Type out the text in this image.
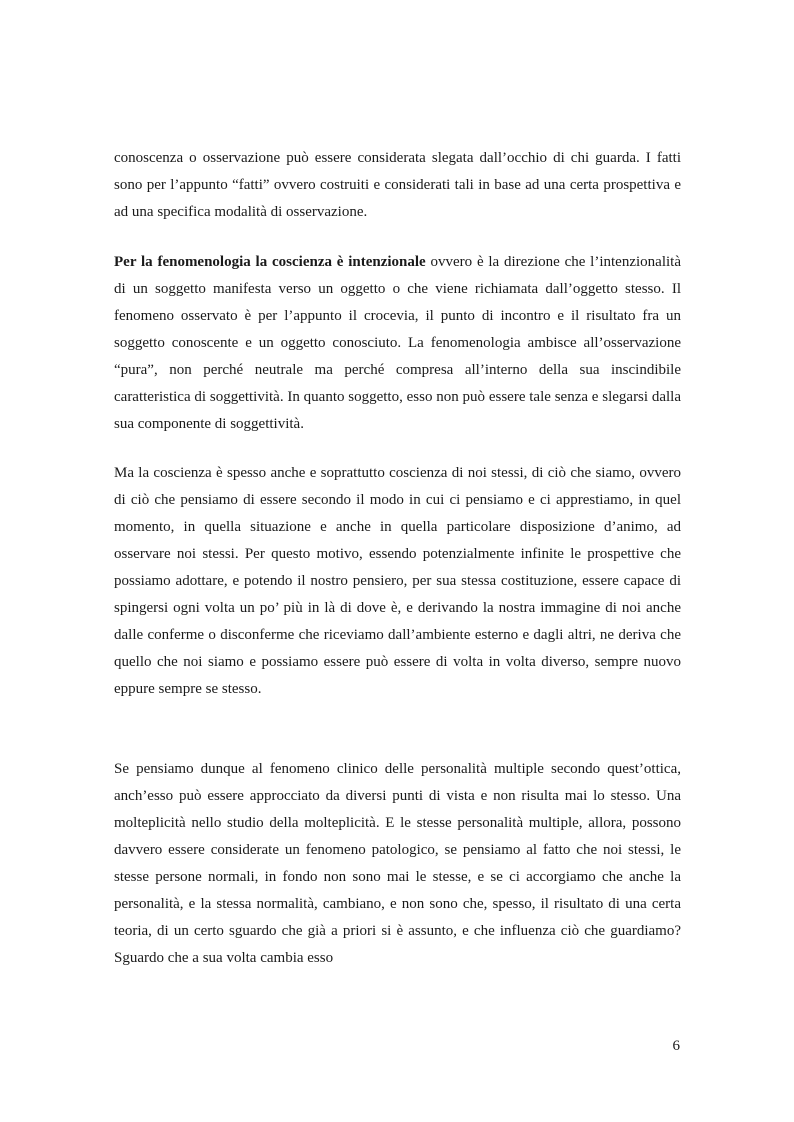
conoscenza o osservazione può essere considerata slegata dall’occhio di chi guarda. I fatti sono per l’appunto “fatti” ovvero costruiti e considerati tali in base ad una certa prospettiva e ad una specifica modalità di osservazione.

Per la fenomenologia la coscienza è intenzionale ovvero è la direzione che l’intenzionalità di un soggetto manifesta verso un oggetto o che viene richiamata dall’oggetto stesso. Il fenomeno osservato è per l’appunto il crocevia, il punto di incontro e il risultato fra un soggetto conoscente e un oggetto conosciuto. La fenomenologia ambisce all’osservazione “pura”, non perché neutrale ma perché compresa all’interno della sua inscindibile caratteristica di soggettività. In quanto soggetto, esso non può essere tale senza e slegarsi dalla sua componente di soggettività.

Ma la coscienza è spesso anche e soprattutto coscienza di noi stessi, di ciò che siamo, ovvero di ciò che pensiamo di essere secondo il modo in cui ci pensiamo e ci apprestiamo, in quel momento, in quella situazione e anche in quella particolare disposizione d’animo, ad osservare noi stessi. Per questo motivo, essendo potenzialmente infinite le prospettive che possiamo adottare, e potendo il nostro pensiero, per sua stessa costituzione, essere capace di spingersi ogni volta un po’ più in là di dove è, e derivando la nostra immagine di noi anche dalle conferme o disconferme che riceviamo dall’ambiente esterno e dagli altri, ne deriva che quello che noi siamo e possiamo essere può essere di volta in volta diverso, sempre nuovo eppure sempre se stesso.

Se pensiamo dunque al fenomeno clinico delle personalità multiple secondo quest’ottica, anch’esso può essere approcciato da diversi punti di vista e non risulta mai lo stesso. Una molteplicità nello studio della molteplicità. E le stesse personalità multiple, allora, possono davvero essere considerate un fenomeno patologico, se pensiamo al fatto che noi stessi, le stesse persone normali, in fondo non sono mai le stesse, e se ci accorgiamo che anche la personalità, e la stessa normalità, cambiano, e non sono che, spesso, il risultato di una certa teoria, di un certo sguardo che già a priori si è assunto, e che influenza ciò che guardiamo? Sguardo che a sua volta cambia esso

6
